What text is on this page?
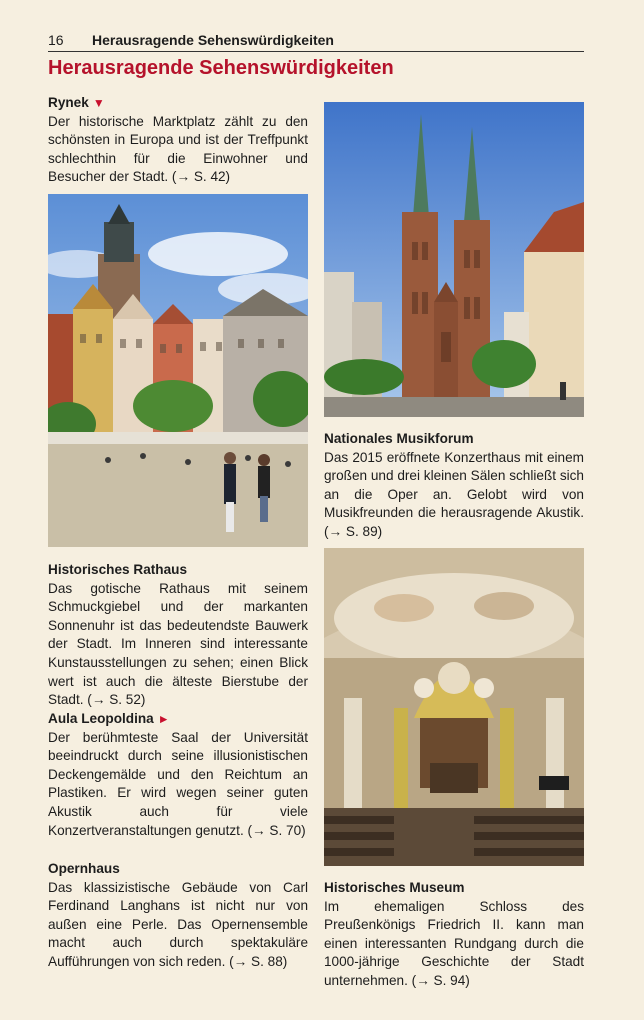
16 Herausragende Sehenswürdigkeiten
Herausragende Sehenswürdigkeiten
Rynek ▼

Der historische Marktplatz zählt zu den schönsten in Europa und ist der Treffpunkt schlechthin für die Einwohner und Besucher der Stadt. (→ S. 42)

Historisches Rathaus

Das gotische Rathaus mit seinem Schmuckgiebel und der markanten Sonnenuhr ist das bedeutendste Bauwerk der Stadt. Im Inneren sind interessante Kunstausstellungen zu sehen; einen Blick wert ist auch die älteste Bierstube der Stadt. (→ S. 52)

Aula Leopoldina ►

Der berühmteste Saal der Universität beeindruckt durch seine illusionistischen Deckengemälde und den Reichtum an Plastiken. Er wird wegen seiner guten Akustik auch für viele Konzertveranstaltungen genutzt. (→ S. 70)

Opernhaus

Das klassizistische Gebäude von Carl Ferdinand Langhans ist nicht nur von außen eine Perle. Das Opernensemble macht auch durch spektakuläre Aufführungen von sich reden. (→ S. 88)

Nationales Musikforum

Das 2015 eröffnete Konzerthaus mit einem großen und drei kleinen Sälen schließt sich an die Oper an. Gelobt wird von Musikfreunden die herausragende Akustik. (→ S. 89)

Historisches Museum

Im ehemaligen Schloss des Preußenkönigs Friedrich II. kann man einen interessanten Rundgang durch die 1000-jährige Geschichte der Stadt unternehmen. (→ S. 94)
